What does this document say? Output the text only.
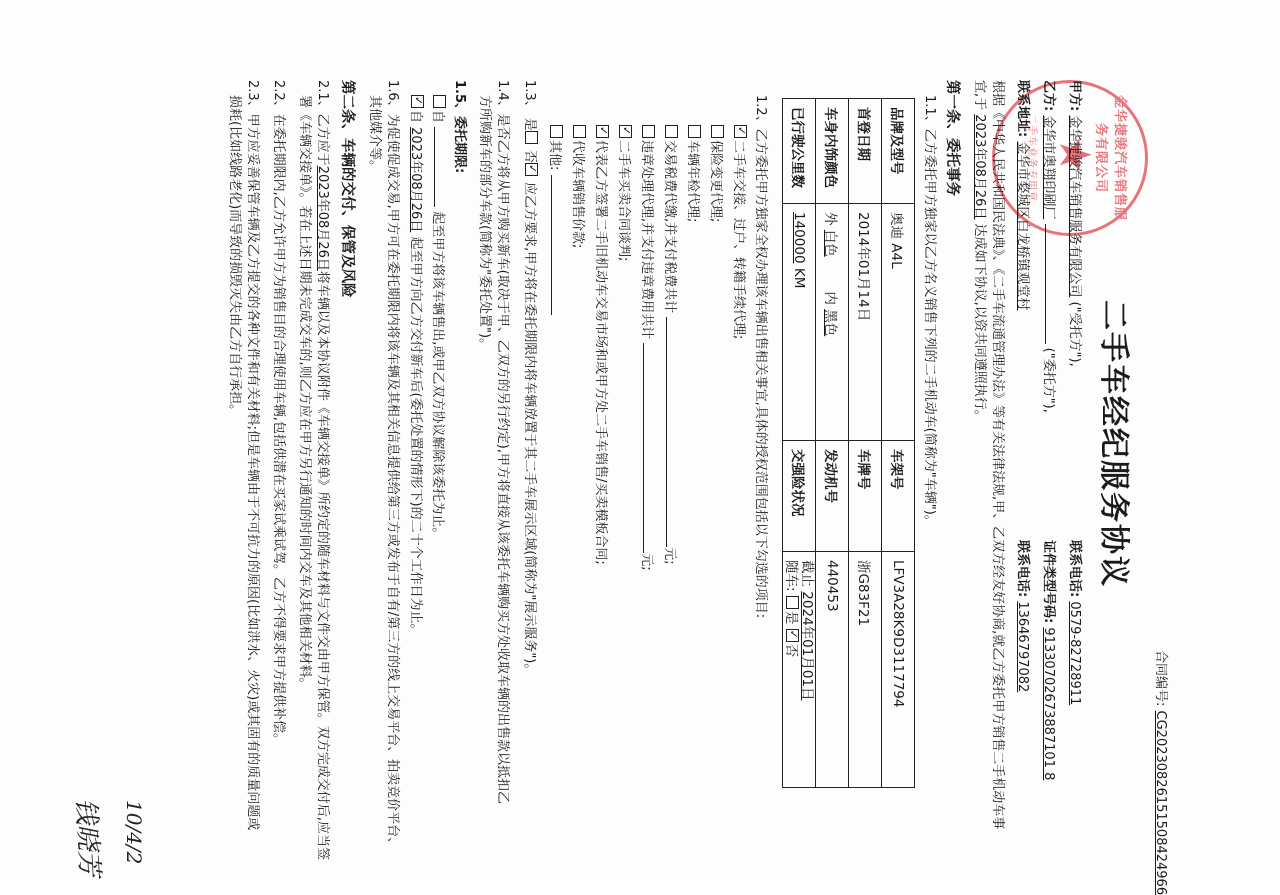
金华捷骏汽车销售服务有限公司
★
二手车业务专用章
合同编号: CG20230826151508424966
二手车经纪服务协议
甲方: 金华捷骏汽车销售服务有限公司 ("受托方"),
联系电话: 0579-82728911
乙方: 金华市奥翔印刷厂  ("委托方"),
证件类型号码: 91330702673887101 8
联系地址: 金华市婺城区白龙桥镇观堂村
联系电话: 13646797082
根据《中华人民共和国民法典》、《二手车流通管理办法》等有关法律法规,甲、乙双方经友好协商,就乙方委托甲方销售二手机动车事
宜,于 2023年08月26日 达成如下协议,以资共同遵照执行。
第一条、委托事务
1.1、乙方委托甲方独家以乙方名义销售下列的二手机动车(简称为"车辆")。
品牌及型号	奥迪 A4L	车架号	LFV3A28K9D3117794
首登日期	2014年01月14日	车牌号	浙G83F21
车身内饰颜色	外 白色  内 黑色	发动机号	440453
已行驶公里数	140000 KM	交强险状况	截止 2024年01月01日
随车: 是 ✓否
1.2、乙方委托甲方独家全权办理该车辆出售相关事宜,具体的授权范围包括以下勾选的项目:
✓二手车交接、过户、转籍手续代理;
保险变更代理;
车辆年检代理;
交易税费代缴,并支付税费共计 元;
违章处理代理,并支付违章费用共计 元;
✓二手车买卖合同谈判;
✓代表乙方签署二手旧机动车交易市场和或甲方处二手车销售/买卖模板合同;
代收车辆销售价款;
其他:
1.3、 是 否✓ 应乙方要求,甲方将在委托期限内将车辆放置于其二手车展示区域(简称为"展示服务")。
1.4、是否乙方将从甲方购买新车(取决于甲、乙双方的另行约定),甲方将直接从该委托车辆购买方处收取车辆的出售款以抵扣乙
方所购新车的部分车款(简称为"委托处置")。
1.5、委托期限:
自  起至甲方将该车辆售出,或甲乙双方协议解除该委托为止。
✓自 2023年08月26日 起至甲方向乙方交付新车后(委托处置的情形下)的二十个工作日为止。
1.6、为促使促成交易,甲方可在委托期限内将该车辆及其相关信息提供给第三方或发布于自有/第三方的线上交易平台、拍卖竞价平台、
其他媒介等。
第二条、车辆的交付、保管及风险
2.1、乙方应于2023年08月26日将车辆以及本协议附件《车辆交接单》所约定的随车材料与文件交由甲方保管。双方完成交付后,应当签
署《车辆交接单》。若在上述日期未完成交车的,则乙方应在甲方另行通知的时间内交车及其他相关材料。
2.2、在委托期限内,乙方允许甲方为销售目的合理使用车辆,包括供潜在买家试乘试驾。乙方不得要求甲方提供补偿。
2.3、甲方应妥善保管车辆及乙方提交的各种文件和有关材料;但是车辆由于不可抗力的原因(比如洪水、火灾)或其固有的质量问题或
损耗(比如线路老化)而导致的损毁灭失由乙方自行承担。
10/4/2
钱晓芳
